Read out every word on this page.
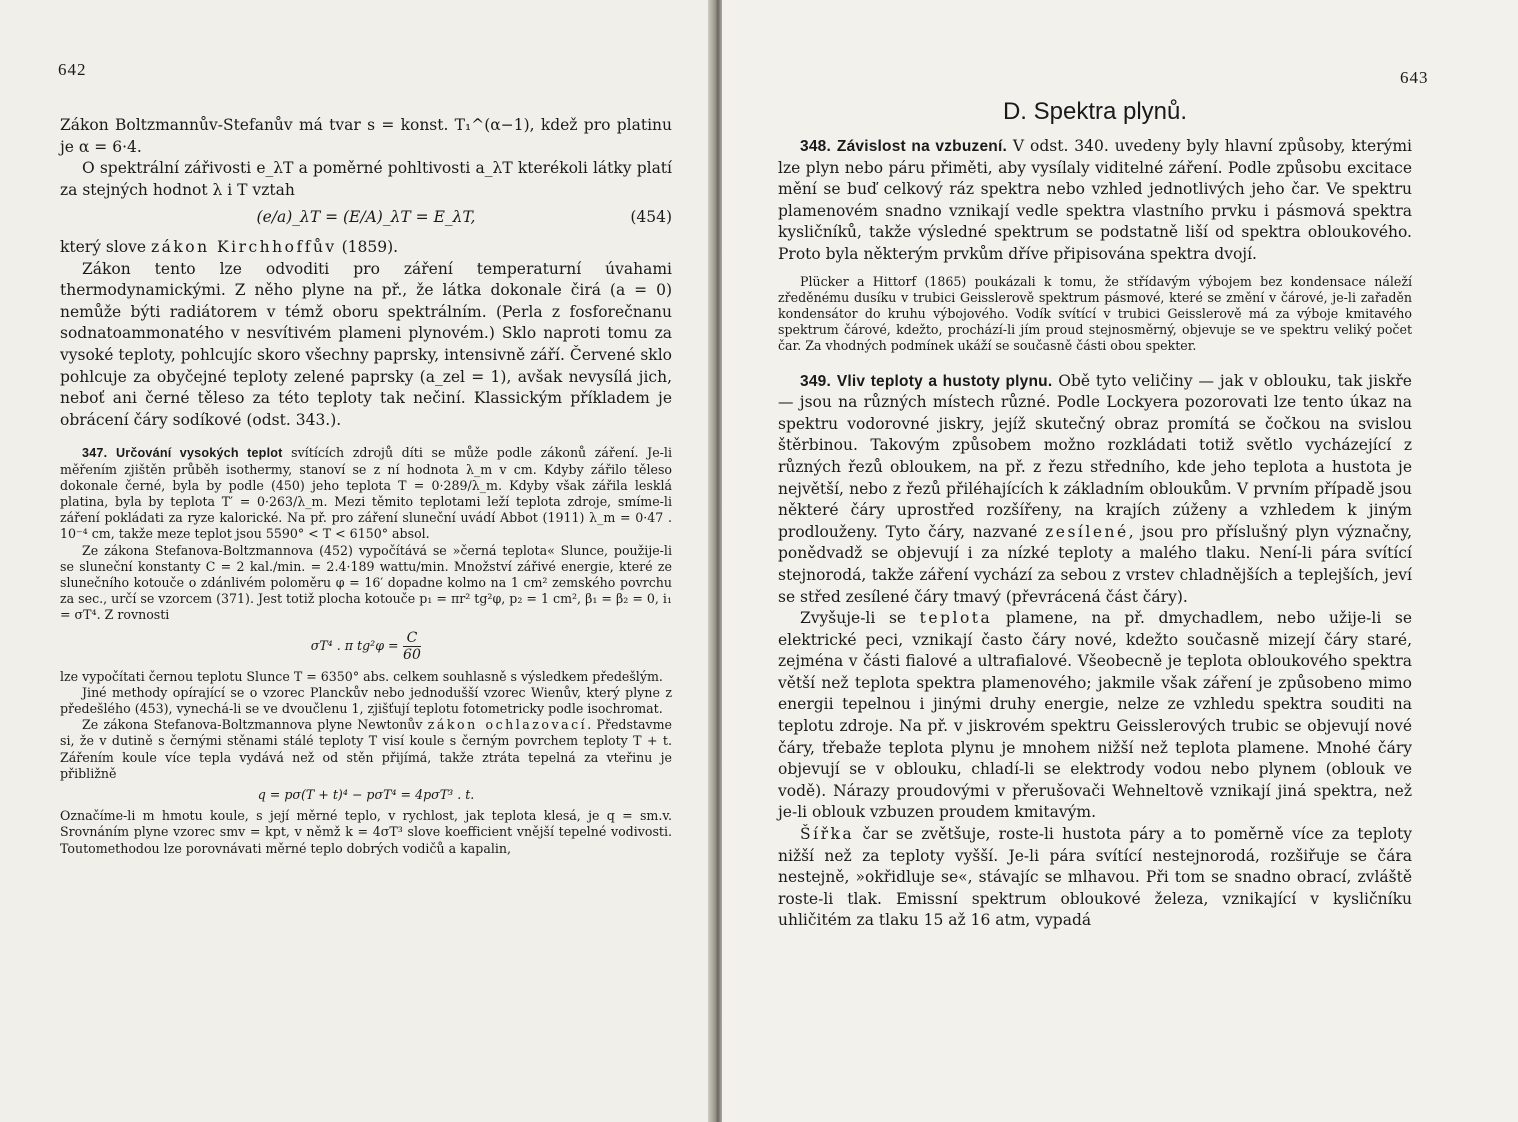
642

Zákon Boltzmannův-Stefanův má tvar s = konst. T₁^(α−1), kdež pro platinu je α = 6·4.

O spektrální zářivosti e_λT a poměrné pohltivosti a_λT kterékoli látky platí za stejných hodnot λ i T vztah

(e/a)_λT = (E/A)_λT = E_λT,	(454)

který slove zákon Kirchhoffův (1859).

Zákon tento lze odvoditi pro záření temperaturní úvahami thermodynamickými. Z něho plyne na př., že látka dokonale čirá (a = 0) nemůže býti radiátorem v témž oboru spektrálním. (Perla z fosforečnanu sodnatoammonatého v nesvítivém plameni plynovém.) Sklo naproti tomu za vysoké teploty, pohlcujíc skoro všechny paprsky, intensivně září. Červené sklo pohlcuje za obyčejné teploty zelené paprsky (a_zel = 1), avšak nevysílá jich, neboť ani černé těleso za této teploty tak nečiní. Klassickým příkladem je obrácení čáry sodíkové (odst. 343.).

347. Určování vysokých teplot svítících zdrojů díti se může podle zákonů záření. Je-li měřením zjištěn průběh isothermy, stanoví se z ní hodnota λ_m v cm. Kdyby zářilo těleso dokonale černé, byla by podle (450) jeho teplota T = 0·289/λ_m. Kdyby však zářila lesklá platina, byla by teplota T′ = 0·263/λ_m. Mezi těmito teplotami leží teplota zdroje, smíme-li záření pokládati za ryze kalorické. Na př. pro záření sluneční uvádí Abbot (1911) λ_m = 0·47 . 10⁻⁴ cm, takže meze teplot jsou 5590° < T < 6150° absol.

Ze zákona Stefanova-Boltzmannova (452) vypočítává se »černá teplota« Slunce, použije-li se sluneční konstanty C = 2 kal./min. = 2.4·189 wattu/min. Množství zářivé energie, které ze slunečního kotouče o zdánlivém poloměru φ = 16′ dopadne kolmo na 1 cm² zemského povrchu za sec., určí se vzorcem (371). Jest totiž plocha kotouče p₁ = πr² tg²φ, p₂ = 1 cm², β₁ = β₂ = 0, i₁ = σT⁴. Z rovnosti

σT⁴ . π $tg^2\varphi = \frac{C}{60}$

lze vypočítati černou teplotu Slunce T = 6350° abs. celkem souhlasně s výsledkem předešlým.

Jiné methody opírající se o vzorec Planckův nebo jednodušší vzorec Wienův, který plyne z předešlého (453), vynechá-li se ve dvoučlenu 1, zjišťují teplotu fotometricky podle isochromat.

Ze zákona Stefanova-Boltzmannova plyne Newtonův zákon ochlazovací. Představme si, že v dutině s černými stěnami stálé teploty T visí koule s černým povrchem teploty T + t. Zářením koule více tepla vydává než od stěn přijímá, takže ztráta tepelná za vteřinu je přibližně

q = pσ(T + t)⁴ − pσT⁴ = 4pσT³ . t.

Označíme-li m hmotu koule, s její měrné teplo, v rychlost, jak teplota klesá, je q = sm.v. Srovnáním plyne vzorec smv = kpt, v němž k = 4σT³ slove koefficient vnější tepelné vodivosti. Toutomethodou lze porovnávati měrné teplo dobrých vodičů a kapalin,

643
D. Spektra plynů.

348. Závislost na vzbuzení. V odst. 340. uvedeny byly hlavní způsoby, kterými lze plyn nebo páru přiměti, aby vysílaly viditelné záření. Podle způsobu excitace mění se buď celkový ráz spektra nebo vzhled jednotlivých jeho čar. Ve spektru plamenovém snadno vznikají vedle spektra vlastního prvku i pásmová spektra kysličníků, takže výsledné spektrum se podstatně liší od spektra obloukového. Proto byla některým prvkům dříve připisována spektra dvojí.

Plücker a Hittorf (1865) poukázali k tomu, že střídavým výbojem bez kondensace náleží zředěnému dusíku v trubici Geisslerově spektrum pásmové, které se změní v čárové, je-li zařaděn kondensátor do kruhu výbojového. Vodík svítící v trubici Geisslerově má za výboje kmitavého spektrum čárové, kdežto, prochází-li jím proud stejnosměrný, objevuje se ve spektru veliký počet čar. Za vhodných podmínek ukáží se současně části obou spekter.

349. Vliv teploty a hustoty plynu. Obě tyto veličiny — jak v oblouku, tak jiskře — jsou na různých místech různé. Podle Lockyera pozorovati lze tento úkaz na spektru vodorovné jiskry, jejíž skutečný obraz promítá se čočkou na svislou štěrbinou. Takovým způsobem možno rozkládati totiž světlo vycházející z různých řezů obloukem, na př. z řezu středního, kde jeho teplota a hustota je největší, nebo z řezů přiléhajících k základním obloukům. V prvním případě jsou některé čáry uprostřed rozšířeny, na krajích zúženy a vzhledem k jiným prodlouženy. Tyto čáry, nazvané zesílené, jsou pro příslušný plyn význačny, ponědvadž se objevují i za nízké teploty a malého tlaku. Není-li pára svítící stejnorodá, takže záření vychází za sebou z vrstev chladnějších a teplejších, jeví se střed zesílené čáry tmavý (převrácená část čáry).

Zvyšuje-li se teplota plamene, na př. dmychadlem, nebo užije-li se elektrické peci, vznikají často čáry nové, kdežto současně mizejí čáry staré, zejména v části fialové a ultrafialové. Všeobecně je teplota obloukového spektra větší než teplota spektra plamenového; jakmile však záření je způsobeno mimo energii tepelnou i jinými druhy energie, nelze ze vzhledu spektra souditi na teplotu zdroje. Na př. v jiskrovém spektru Geisslerových trubic se objevují nové čáry, třebaže teplota plynu je mnohem nižší než teplota plamene. Mnohé čáry objevují se v oblouku, chladí-li se elektrody vodou nebo plynem (oblouk ve vodě). Nárazy proudovými v přerušovači Wehneltově vznikají jiná spektra, než je-li oblouk vzbuzen proudem kmitavým.

Šířka čar se zvětšuje, roste-li hustota páry a to poměrně více za teploty nižší než za teploty vyšší. Je-li pára svítící nestejnorodá, rozšiřuje se čára nestejně, »okřidluje se«, stávajíc se mlhavou. Při tom se snadno obrací, zvláště roste-li tlak. Emissní spektrum obloukové železa, vznikající v kysličníku uhličitém za tlaku 15 až 16 atm, vypadá
